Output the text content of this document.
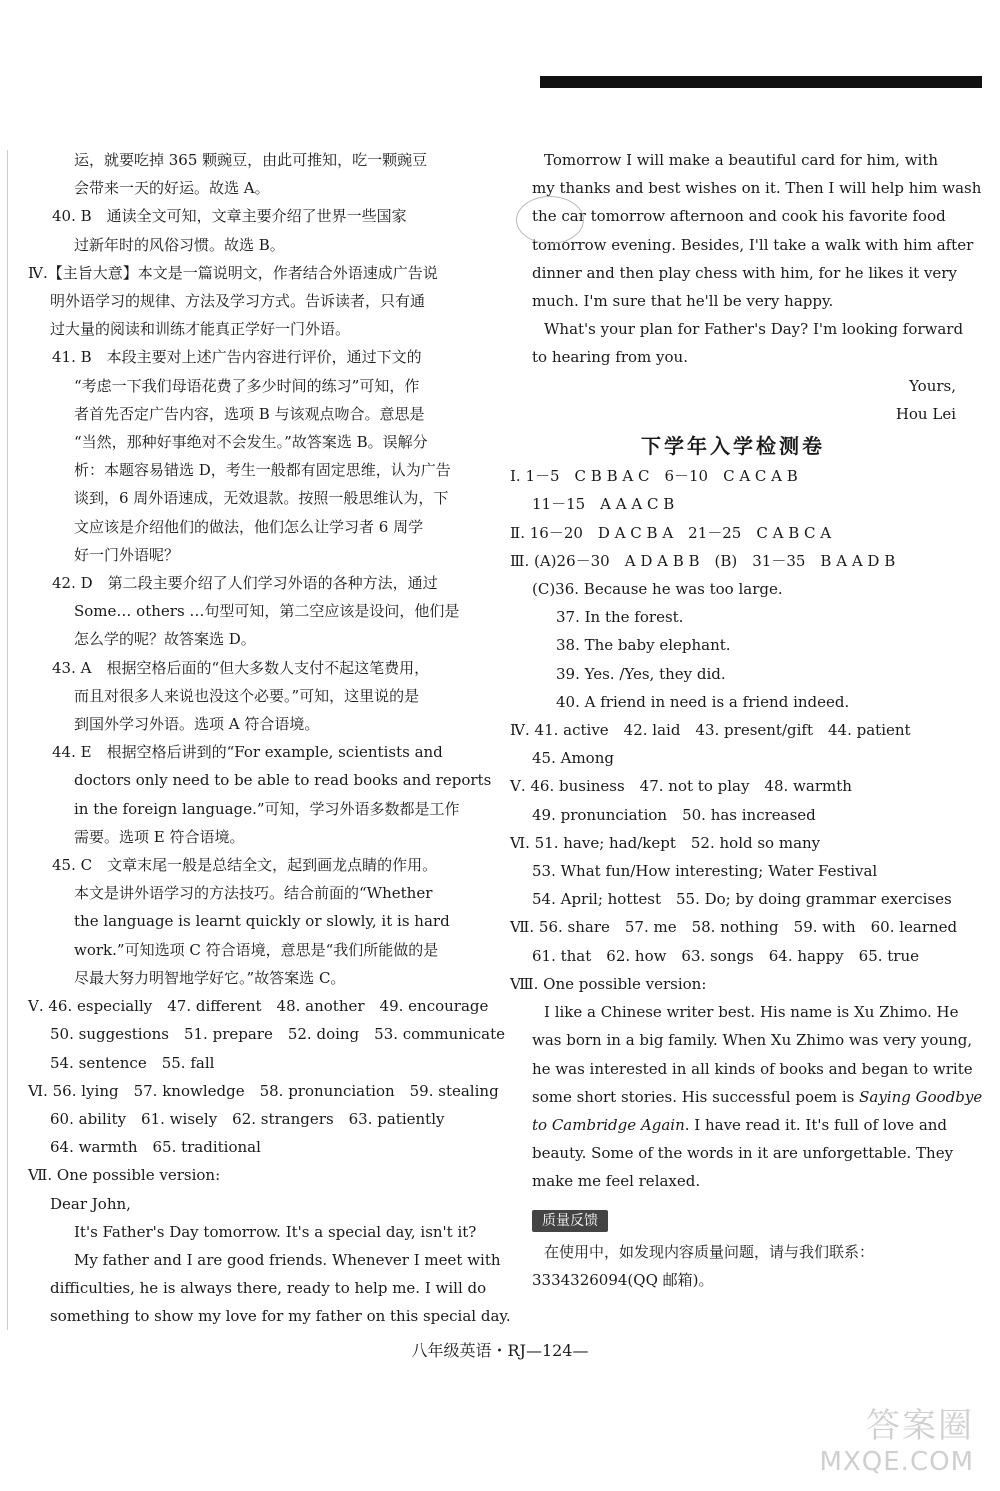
运，就要吃掉 365 颗豌豆，由此可推知，吃一颗豌豆
会带来一天的好运。故选 A。
40. B　通读全文可知，文章主要介绍了世界一些国家
过新年时的风俗习惯。故选 B。
Ⅳ.【主旨大意】本文是一篇说明文，作者结合外语速成广告说
明外语学习的规律、方法及学习方式。告诉读者，只有通
过大量的阅读和训练才能真正学好一门外语。
41. B　本段主要对上述广告内容进行评价，通过下文的
“考虑一下我们母语花费了多少时间的练习”可知，作
者首先否定广告内容，选项 B 与该观点吻合。意思是
“当然，那种好事绝对不会发生。”故答案选 B。误解分
析：本题容易错选 D，考生一般都有固定思维，认为广告
谈到，6 周外语速成，无效退款。按照一般思维认为，下
文应该是介绍他们的做法，他们怎么让学习者 6 周学
好一门外语呢？
42. D　第二段主要介绍了人们学习外语的各种方法，通过
Some… others …句型可知，第二空应该是设问，他们是
怎么学的呢？故答案选 D。
43. A　根据空格后面的“但大多数人支付不起这笔费用，
而且对很多人来说也没这个必要。”可知，这里说的是
到国外学习外语。选项 A 符合语境。
44. E　根据空格后讲到的“For example, scientists and
doctors only need to be able to read books and reports
in the foreign language.”可知，学习外语多数都是工作
需要。选项 E 符合语境。
45. C　文章末尾一般是总结全文，起到画龙点睛的作用。
本文是讲外语学习的方法技巧。结合前面的“Whether
the language is learnt quickly or slowly, it is hard
work.”可知选项 C 符合语境，意思是“我们所能做的是
尽最大努力明智地学好它。”故答案选 C。
Ⅴ. 46. especially　47. different　48. another　49. encourage
50. suggestions　51. prepare　52. doing　53. communicate
54. sentence　55. fall
Ⅵ. 56. lying　57. knowledge　58. pronunciation　59. stealing
60. ability　61. wisely　62. strangers　63. patiently
64. warmth　65. traditional
Ⅶ. One possible version:
Dear John,
It's Father's Day tomorrow. It's a special day, isn't it?
My father and I are good friends. Whenever I meet with
difficulties, he is always there, ready to help me. I will do
something to show my love for my father on this special day.
Tomorrow I will make a beautiful card for him, with
my thanks and best wishes on it. Then I will help him wash
the car tomorrow afternoon and cook his favorite food
tomorrow evening. Besides, I'll take a walk with him after
dinner and then play chess with him, for he likes it very
much. I'm sure that he'll be very happy.
What's your plan for Father's Day? I'm looking forward
to hearing from you.
Yours,
Hou Lei
下学年入学检测卷
Ⅰ. 1－5　C B B A C　6－10　C A C A B
11－15　A A A C B
Ⅱ. 16－20　D A C B A　21－25　C A B C A
Ⅲ. (A)26－30　A D A B B　(B)　31－35　B A A D B
(C)36. Because he was too large.
37. In the forest.
38. The baby elephant.
39. Yes. /Yes, they did.
40. A friend in need is a friend indeed.
Ⅳ. 41. active　42. laid　43. present/gift　44. patient
45. Among
Ⅴ. 46. business　47. not to play　48. warmth
49. pronunciation　50. has increased
Ⅵ. 51. have; had/kept　52. hold so many
53. What fun/How interesting; Water Festival
54. April; hottest　55. Do; by doing grammar exercises
Ⅶ. 56. share　57. me　58. nothing　59. with　60. learned
61. that　62. how　63. songs　64. happy　65. true
Ⅷ. One possible version:
I like a Chinese writer best. His name is Xu Zhimo. He
was born in a big family. When Xu Zhimo was very young,
he was interested in all kinds of books and began to write
some short stories. His successful poem is Saying Goodbye
to Cambridge Again. I have read it. It's full of love and
beauty. Some of the words in it are unforgettable. They
make me feel relaxed.
质量反馈
在使用中，如发现内容质量问题，请与我们联系：
3334326094(QQ 邮箱)。
八年级英语・RJ—124—
答案圈
MXQE.COM
